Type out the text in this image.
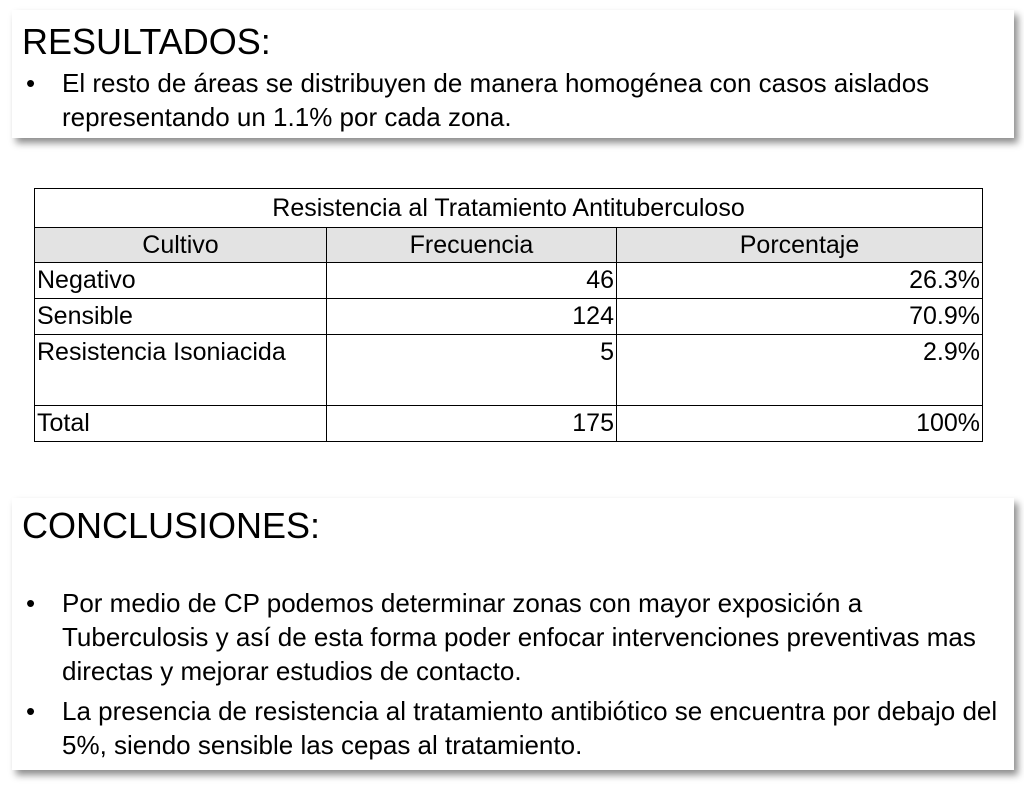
RESULTADOS:
• El resto de áreas se distribuyen de manera homogénea con casos aislados representando un 1.1% por cada zona.
Resistencia al Tratamiento Antituberculoso		
Cultivo	Frecuencia	Porcentaje
Negativo	46	26.3%
Sensible	124	70.9%
Resistencia Isoniacida	5	2.9%
Total	175	100%
CONCLUSIONES:
• Por medio de CP podemos determinar zonas con mayor exposición a Tuberculosis y así de esta forma poder enfocar intervenciones preventivas mas directas y mejorar estudios de contacto.
• La presencia de resistencia al tratamiento antibiótico se encuentra por debajo del 5%, siendo sensible las cepas al tratamiento.
